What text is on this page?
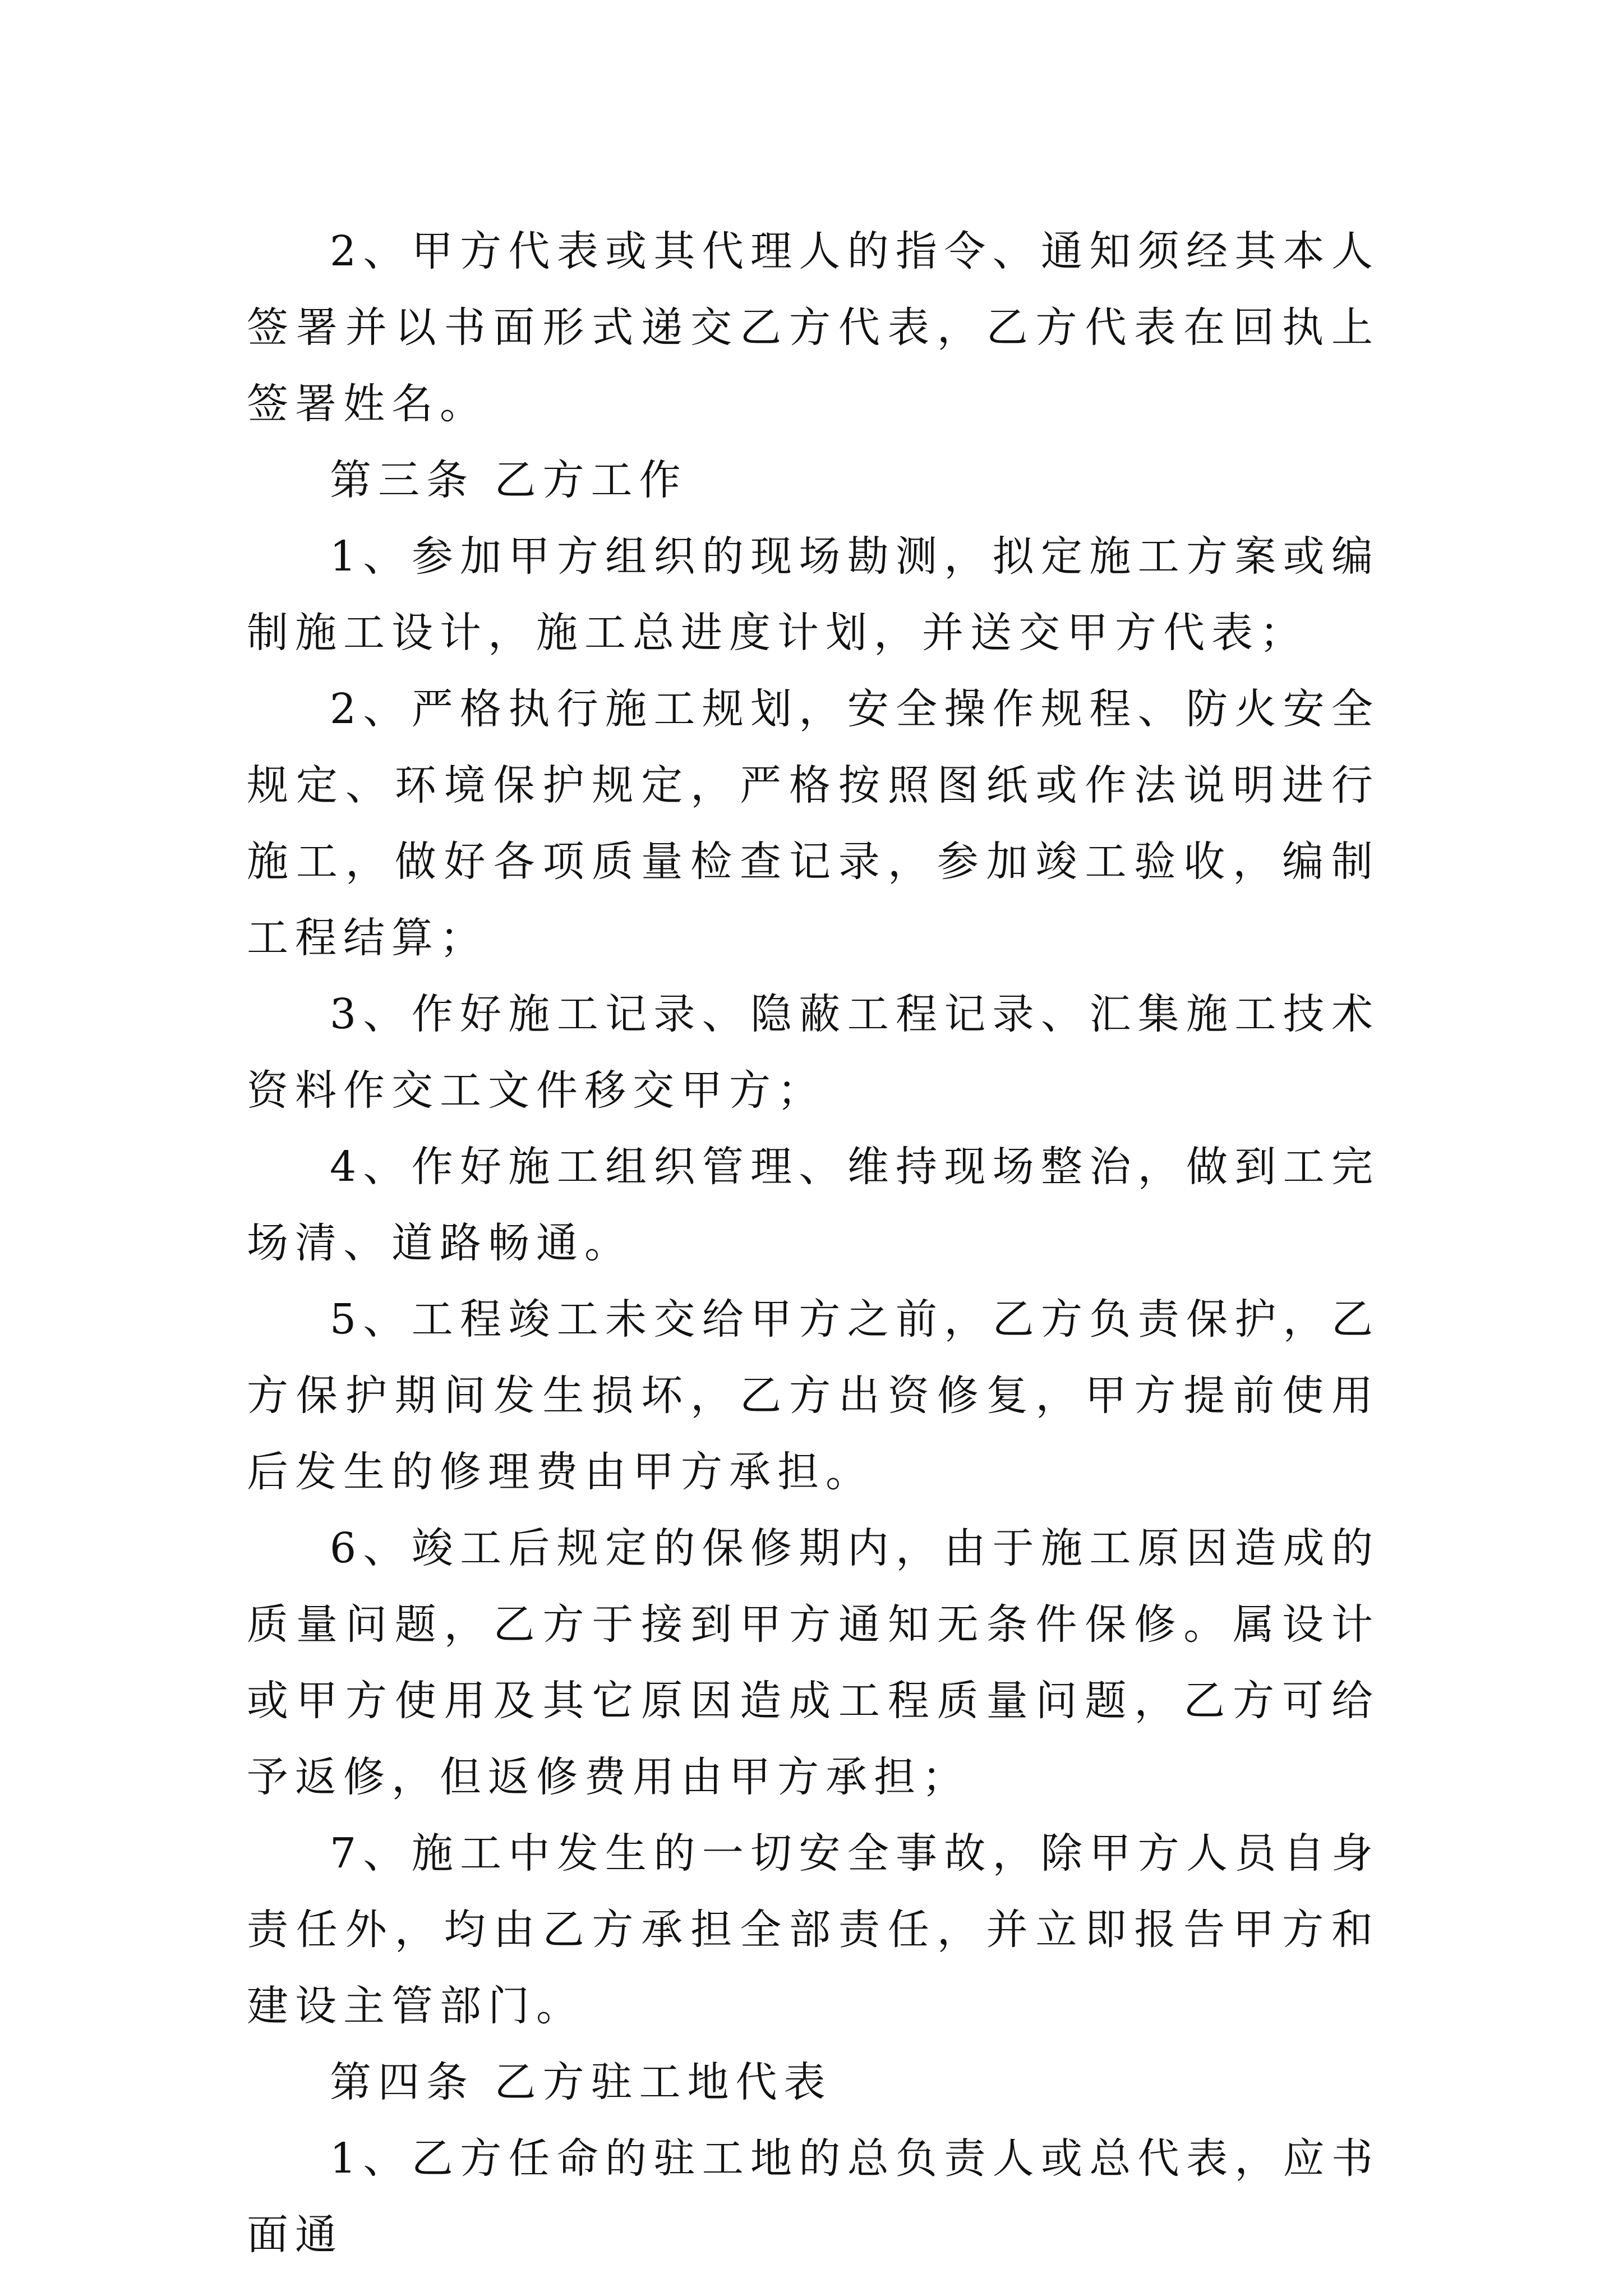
2、甲方代表或其代理人的指令、通知须经其本人签署并以书面形式递交乙方代表，乙方代表在回执上签署姓名。

第三条 乙方工作

1、参加甲方组织的现场勘测，拟定施工方案或编制施工设计，施工总进度计划，并送交甲方代表；

2、严格执行施工规划，安全操作规程、防火安全规定、环境保护规定，严格按照图纸或作法说明进行施工，做好各项质量检查记录，参加竣工验收，编制工程结算；

3、作好施工记录、隐蔽工程记录、汇集施工技术资料作交工文件移交甲方；

4、作好施工组织管理、维持现场整治，做到工完场清、道路畅通。

5、工程竣工未交给甲方之前，乙方负责保护，乙方保护期间发生损坏，乙方出资修复，甲方提前使用后发生的修理费由甲方承担。

6、竣工后规定的保修期内，由于施工原因造成的质量问题，乙方于接到甲方通知无条件保修。属设计或甲方使用及其它原因造成工程质量问题，乙方可给予返修，但返修费用由甲方承担；

7、施工中发生的一切安全事故，除甲方人员自身责任外，均由乙方承担全部责任，并立即报告甲方和建设主管部门。

第四条 乙方驻工地代表

1、乙方任命的驻工地的总负责人或总代表，应书面通
